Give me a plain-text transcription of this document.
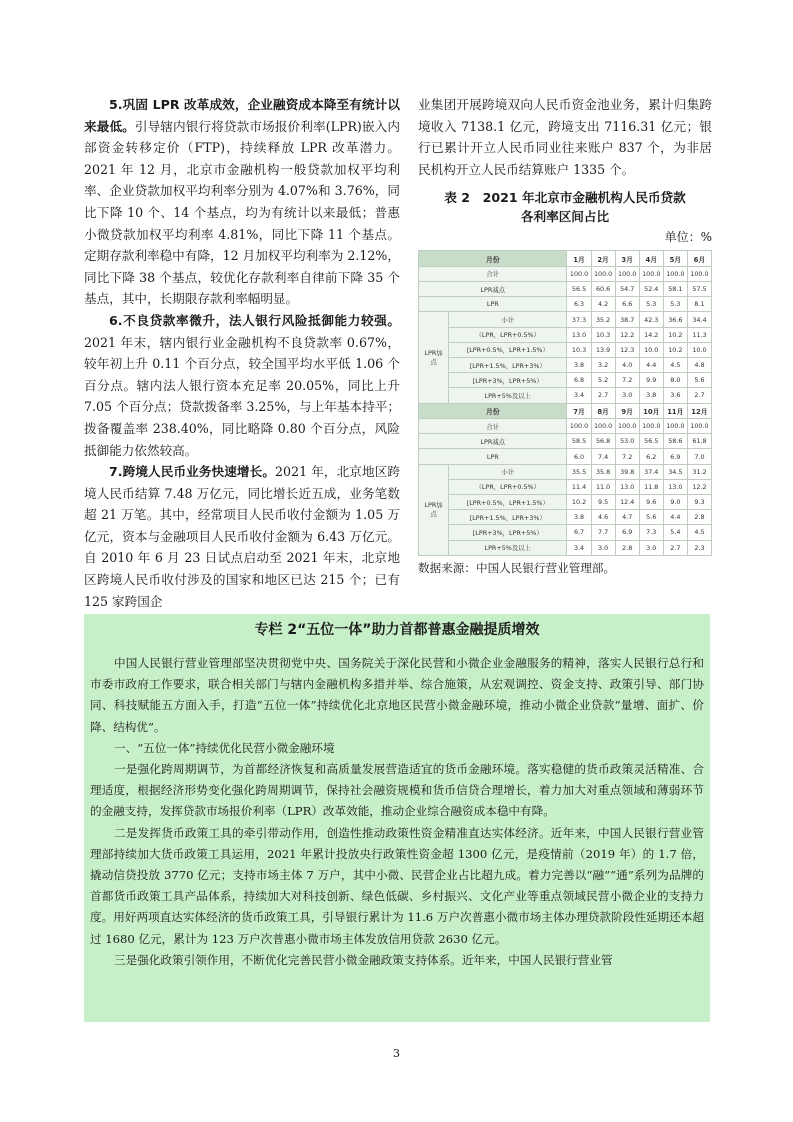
5.巩固 LPR 改革成效，企业融资成本降至有统计以来最低。引导辖内银行将贷款市场报价利率(LPR)嵌入内部资金转移定价（FTP)，持续释放 LPR 改革潜力。2021 年 12 月，北京市金融机构一般贷款加权平均利率、企业贷款加权平均利率分别为 4.07%和 3.76%，同比下降 10 个、14 个基点，均为有统计以来最低；普惠小微贷款加权平均利率 4.81%，同比下降 11 个基点。定期存款利率稳中有降，12 月加权平均利率为 2.12%，同比下降 38 个基点，较优化存款利率自律前下降 35 个基点，其中，长期限存款利率幅明显。

6.不良贷款率微升，法人银行风险抵御能力较强。2021 年末，辖内银行业金融机构不良贷款率 0.67%，较年初上升 0.11 个百分点，较全国平均水平低 1.06 个百分点。辖内法人银行资本充足率 20.05%，同比上升 7.05 个百分点；贷款拨备率 3.25%，与上年基本持平；拨备覆盖率 238.40%，同比略降 0.80 个百分点，风险抵御能力依然较高。

7.跨境人民币业务快速增长。2021 年，北京地区跨境人民币结算 7.48 万亿元，同比增长近五成，业务笔数超 21 万笔。其中，经常项目人民币收付金额为 1.05 万亿元，资本与金融项目人民币收付金额为 6.43 万亿元。自 2010 年 6 月 23 日试点启动至 2021 年末，北京地区跨境人民币收付涉及的国家和地区已达 215 个；已有 125 家跨国企

业集团开展跨境双向人民币资金池业务，累计归集跨境收入 7138.1 亿元，跨境支出 7116.31 亿元；银行已累计开立人民币同业往来账户 837 个，为非居民机构开立人民币结算账户 1335 个。

表 2　2021 年北京市金融机构人民币贷款
各利率区间占比
单位：%
月份		1月	2月	3月	4月	5月	6月
合计		100.0	100.0	100.0	100.0	100.0	100.0
LPR减点		56.5	60.6	54.7	52.4	58.1	57.5
LPR		6.3	4.2	6.6	5.3	5.3	8.1

LPR加
点	小计	37.3	35.2	38.7	42.3	36.6	34.4
	（LPR，LPR+0.5%）	13.0	10.3	12.2	14.2	10.2	11.3
	[LPR+0.5%，LPR+1.5%）	10.3	13.9	12.3	10.0	10.2	10.0
	[LPR+1.5%，LPR+3%）	3.8	3.2	4.0	4.4	4.5	4.8
	[LPR+3%，LPR+5%）	6.8	5.2	7.2	9.9	8.0	5.6
	LPR+5%及以上	3.4	2.7	3.0	3.8	3.6	2.7
月份		7月	8月	9月	10月	11月	12月
合计		100.0	100.0	100.0	100.0	100.0	100.0
LPR减点		58.5	56.8	53.0	56.5	58.6	61.8
LPR		6.0	7.4	7.2	6.2	6.9	7.0

LPR加
点	小计	35.5	35.8	39.8	37.4	34.5	31.2
	（LPR，LPR+0.5%）	11.4	11.0	13.0	11.8	13.0	12.2
	[LPR+0.5%，LPR+1.5%）	10.2	9.5	12.4	9.6	9.0	9.3
	[LPR+1.5%，LPR+3%）	3.8	4.6	4.7	5.6	4.4	2.8
	[LPR+3%，LPR+5%）	6.7	7.7	6.9	7.3	5.4	4.5
	LPR+5%及以上	3.4	3.0	2.8	3.0	2.7	2.3
数据来源：中国人民银行营业管理部。
专栏 2“五位一体”助力首都普惠金融提质增效

中国人民银行营业管理部坚决贯彻党中央、国务院关于深化民营和小微企业金融服务的精神，落实人民银行总行和市委市政府工作要求，联合相关部门与辖内金融机构多措并举、综合施策，从宏观调控、资金支持、政策引导、部门协同、科技赋能五方面入手，打造“五位一体”持续优化北京地区民营小微金融环境，推动小微企业贷款“量增、面扩、价降、结构优”。

一、“五位一体”持续优化民营小微金融环境

一是强化跨周期调节，为首都经济恢复和高质量发展营造适宜的货币金融环境。落实稳健的货币政策灵活精准、合理适度，根据经济形势变化强化跨周期调节，保持社会融资规模和货币信贷合理增长，着力加大对重点领域和薄弱环节的金融支持，发挥贷款市场报价利率（LPR）改革效能，推动企业综合融资成本稳中有降。

二是发挥货币政策工具的牵引带动作用，创造性推动政策性资金精准直达实体经济。近年来，中国人民银行营业管理部持续加大货币政策工具运用，2021 年累计投放央行政策性资金超 1300 亿元，是疫情前（2019 年）的 1.7 倍，撬动信贷投放 3770 亿元；支持市场主体 7 万户，其中小微、民营企业占比超九成。着力完善以“融”“通”系列为品牌的首都货币政策工具产品体系，持续加大对科技创新、绿色低碳、乡村振兴、文化产业等重点领域民营小微企业的支持力度。用好两项直达实体经济的货币政策工具，引导银行累计为 11.6 万户次普惠小微市场主体办理贷款阶段性延期还本超过 1680 亿元，累计为 123 万户次普惠小微市场主体发放信用贷款 2630 亿元。

三是强化政策引领作用，不断优化完善民营小微金融政策支持体系。近年来，中国人民银行营业管

3
